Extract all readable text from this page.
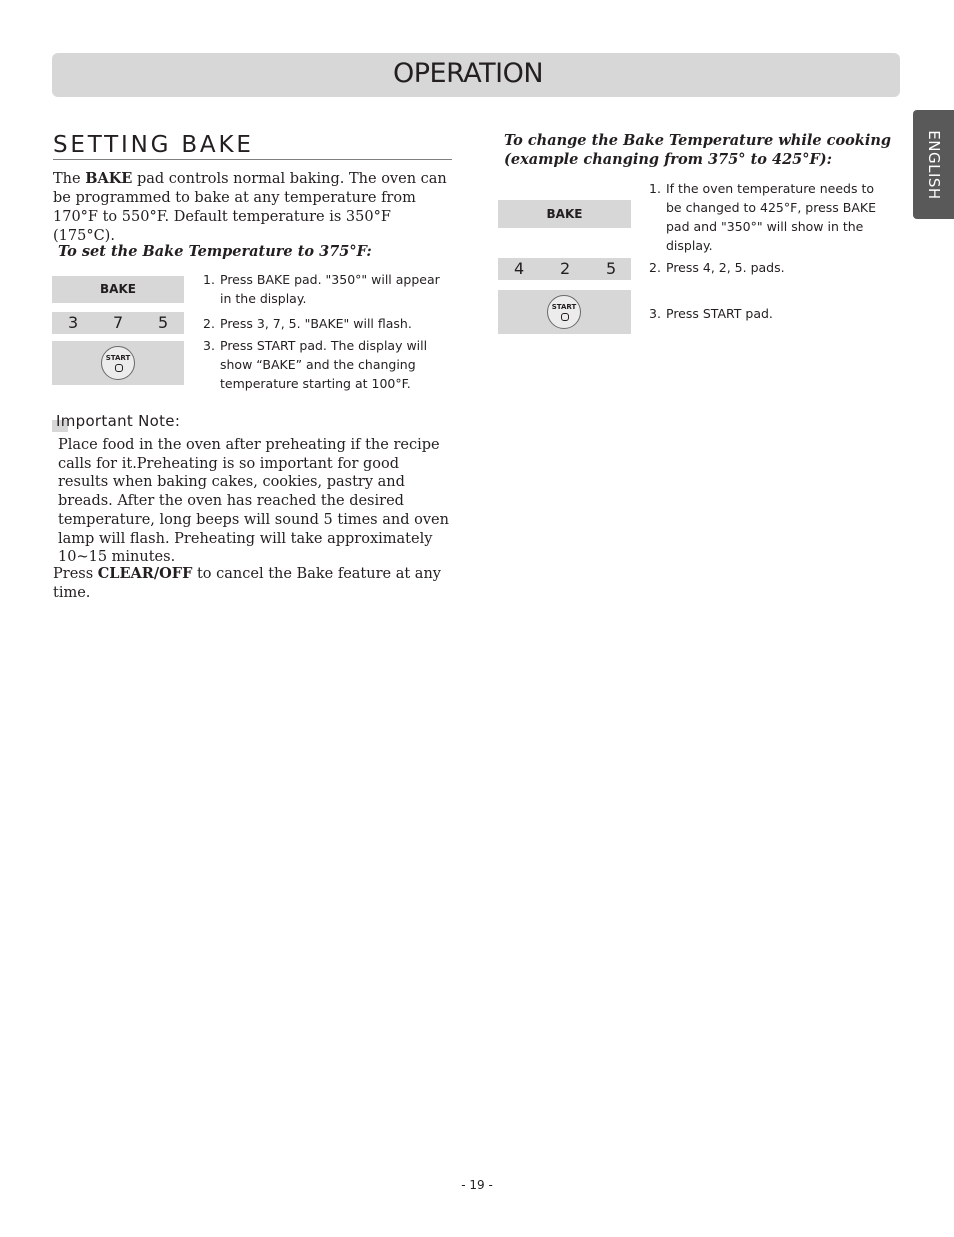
OPERATION
ENGLISH
SETTING BAKE
The BAKE pad controls normal baking. The oven can be programmed to bake at any temperature from 170°F to 550°F. Default temperature is 350°F (175°C).
To set the Bake Temperature to 375°F:
BAKE
3 7 5
START
1. Press BAKE pad. "350°" will appear in the display.
2. Press 3, 7, 5. "BAKE" will flash.
3. Press START pad. The display will show “BAKE” and the changing temperature starting at 100°F.
Important Note:
Place food in the oven after preheating if the recipe calls for it.Preheating is so important for good results when baking cakes, cookies, pastry and breads. After the oven has reached the desired temperature, long beeps will sound 5 times and oven lamp will flash. Preheating will take approximately 10~15 minutes.
Press CLEAR/OFF to cancel the Bake feature at any time.
To change the Bake Temperature while cooking (example changing from 375° to 425°F):
BAKE
4 2 5
START
1. If the oven temperature needs to be changed to 425°F, press BAKE pad and "350°" will show in the display.
2. Press 4, 2, 5. pads.
3. Press START pad.
- 19 -
